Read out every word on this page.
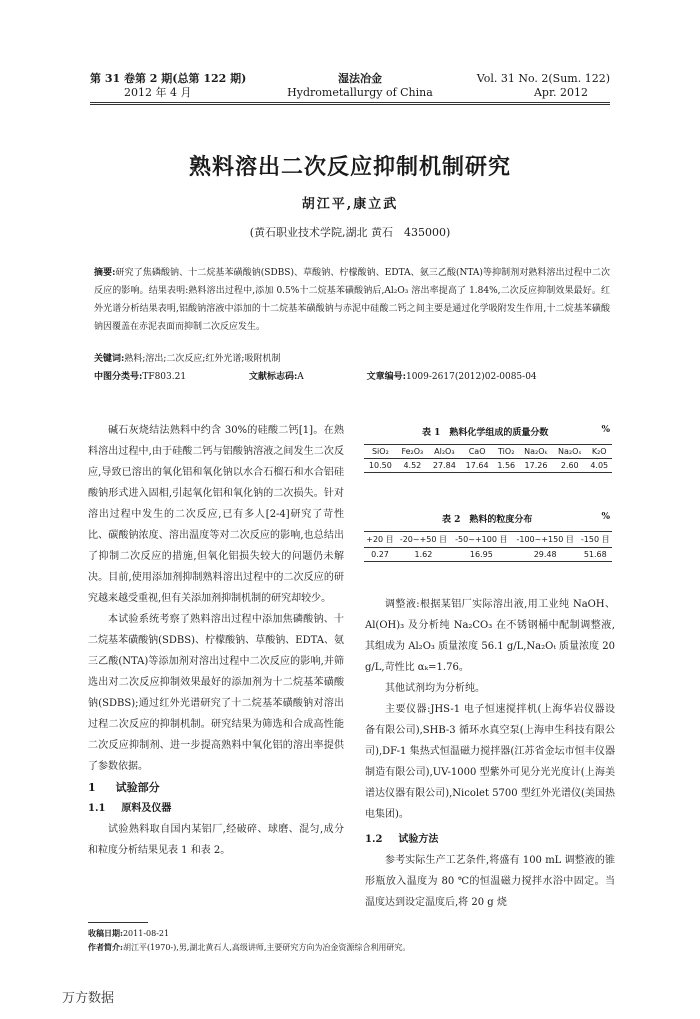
第 31 卷第 2 期(总第 122 期)
2012 年 4 月
湿法冶金
Hydrometallurgy of China
Vol. 31 No. 2(Sum. 122)
Apr. 2012
熟料溶出二次反应抑制机制研究
胡江平,康立武
(黄石职业技术学院,湖北 黄石　435000)
摘要:研究了焦磷酸钠、十二烷基苯磺酸钠(SDBS)、草酸钠、柠檬酸钠、EDTA、氨三乙酸(NTA)等抑制剂对熟料溶出过程中二次反应的影响。结果表明:熟料溶出过程中,添加 0.5%十二烷基苯磺酸钠后,Al₂O₃ 溶出率提高了 1.84%,二次反应抑制效果最好。红外光谱分析结果表明,铝酸钠溶液中添加的十二烷基苯磺酸钠与赤泥中硅酸二钙之间主要是通过化学吸附发生作用,十二烷基苯磺酸钠因覆盖在赤泥表面而抑制二次反应发生。
关键词:熟料;溶出;二次反应;红外光谱;吸附机制
中图分类号:TF803.21	文献标志码:A	文章编号:1009-2617(2012)02-0085-04

碱石灰烧结法熟料中约含 30%的硅酸二钙[1]。在熟料溶出过程中,由于硅酸二钙与铝酸钠溶液之间发生二次反应,导致已溶出的氧化铝和氧化钠以水合石榴石和水合铝硅酸钠形式进入固相,引起氧化铝和氧化钠的二次损失。针对溶出过程中发生的二次反应,已有多人[2-4]研究了苛性比、碳酸钠浓度、溶出温度等对二次反应的影响,也总结出了抑制二次反应的措施,但氧化铝损失较大的问题仍未解决。目前,使用添加剂抑制熟料溶出过程中的二次反应的研究越来越受重视,但有关添加剂抑制机制的研究却较少。

本试验系统考察了熟料溶出过程中添加焦磷酸钠、十二烷基苯磺酸钠(SDBS)、柠檬酸钠、草酸钠、EDTA、氨三乙酸(NTA)等添加剂对溶出过程中二次反应的影响,并筛选出对二次反应抑制效果最好的添加剂为十二烷基苯磺酸钠(SDBS);通过红外光谱研究了十二烷基苯磺酸钠对溶出过程二次反应的抑制机制。研究结果为筛选和合成高性能二次反应抑制剂、进一步提高熟料中氧化铝的溶出率提供了参数依据。

1 试验部分

1.1 原料及仪器

试验熟料取自国内某铝厂,经破碎、球磨、混匀,成分和粒度分析结果见表 1 和表 2。

表 1　熟料化学组成的质量分数	%
SiO₂	Fe₂O₃	Al₂O₃	CaO	TiO₂	Na₂Oₖ	Na₂Oₛ	K₂O
10.50	4.52	27.84	17.64	1.56	17.26	2.60	4.05
表 2　熟料的粒度分布	%
+20 目	-20~+50 目	-50~+100 目	-100~+150 目	-150 目
0.27	1.62	16.95	29.48	51.68

调整液:根据某铝厂实际溶出液,用工业纯 NaOH、Al(OH)₃ 及分析纯 Na₂CO₃ 在不锈钢桶中配制调整液,其组成为 Al₂O₃ 质量浓度 56.1 g/L,Na₂Oₜ 质量浓度 20 g/L,苛性比 αₖ=1.76。

其他试剂均为分析纯。

主要仪器:JHS-1 电子恒速搅拌机(上海华岩仪器设备有限公司),SHB-3 循环水真空泵(上海申生科技有限公司),DF-1 集热式恒温磁力搅拌器(江苏省金坛市恒丰仪器制造有限公司),UV-1000 型紫外可见分光光度计(上海美谱达仪器有限公司),Nicolet 5700 型红外光谱仪(美国热电集团)。

1.2 试验方法

参考实际生产工艺条件,将盛有 100 mL 调整液的锥形瓶放入温度为 80 ℃的恒温磁力搅拌水浴中固定。当温度达到设定温度后,将 20 g 烧

收稿日期:2011-08-21
作者简介:胡江平(1970-),男,湖北黄石人,高级讲师,主要研究方向为冶金资源综合利用研究。
万方数据
